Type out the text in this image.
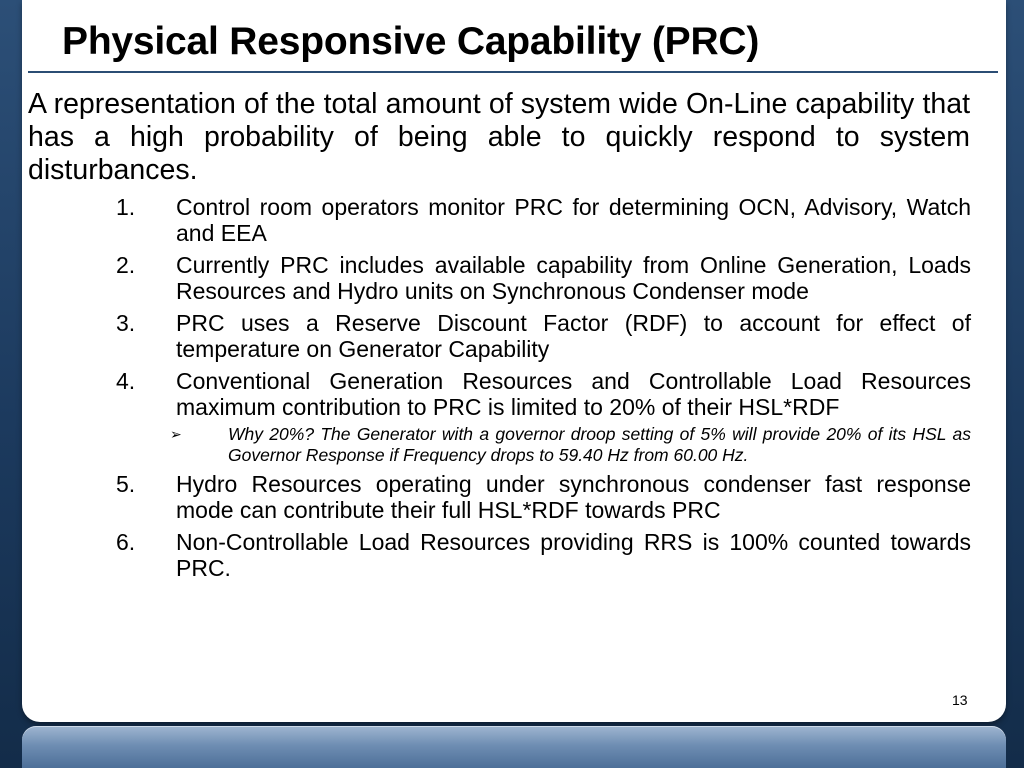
Physical Responsive Capability (PRC)

A representation of the total amount of system wide On-Line capability that has a high probability of being able to quickly respond to system disturbances.

1. Control room operators monitor PRC for determining OCN, Advisory, Watch and EEA
2. Currently PRC includes available capability from Online Generation, Loads Resources and Hydro units on Synchronous Condenser mode
3. PRC uses a Reserve Discount Factor (RDF) to account for effect of temperature on Generator Capability
4. Conventional Generation Resources and Controllable Load Resources maximum contribution to PRC is limited to 20% of their HSL*RDF
➢	Why 20%? The Generator with a governor droop setting of 5% will provide 20% of its HSL as Governor Response if Frequency drops to 59.40 Hz from 60.00 Hz.
5. Hydro Resources operating under synchronous condenser fast response mode can contribute their full HSL*RDF towards PRC
6. Non-Controllable Load Resources providing RRS is 100% counted towards PRC.
13
